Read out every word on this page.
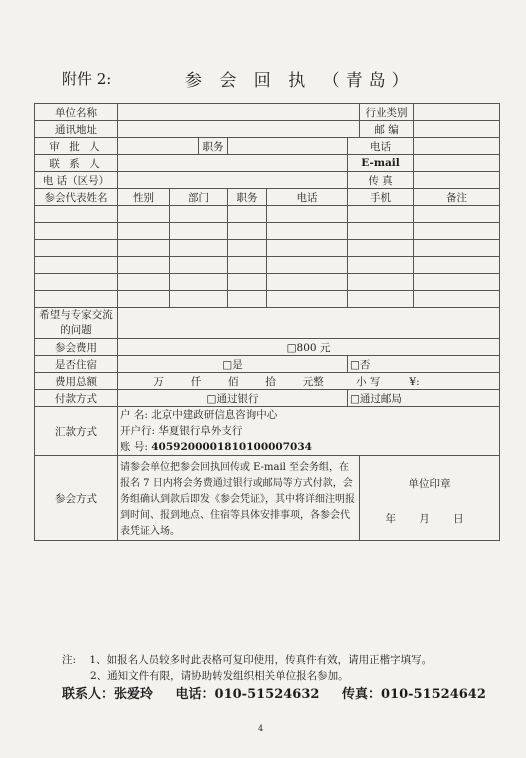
附件 2:	参 会 回 执 （青岛）
单位名称							行业类别	
通讯地址							邮 编	
审 批 人			职务			电话		
联 系 人						E-mail		
电 话（区号）						传 真		
参会代表姓名	性别	部门		职务	电话	手机		备注

希望与专家交流的问题								
参会费用	□800 元							
是否住宿	□是					□否		
费用总额	万 仟 佰 拾 元整 小 写 ¥:							
付款方式	□通过银行					□通过邮局		
汇款方式	户 名: 北京中建政研信息咨询中心
开户行: 华夏银行阜外支行
账 号: 4059200001810100007034							

参会方式	请参会单位把参会回执回传或 E-mail 至会务组，在报名 7 日内将会务费通过银行或邮局等方式付款，会务组确认到款后即发《参会凭证》，其中将详细注明报到时间、报到地点、住宿等具体安排事项，各参会代表凭证入场。						单位印章
年 月 日	
注: 1、如报名人员较多时此表格可复印使用，传真件有效，请用正楷字填写。
2、通知文件有限，请协助转发组织相关单位报名参加。
联系人：张爱玲 电话：010-51524632 传真：010-51524642
4
